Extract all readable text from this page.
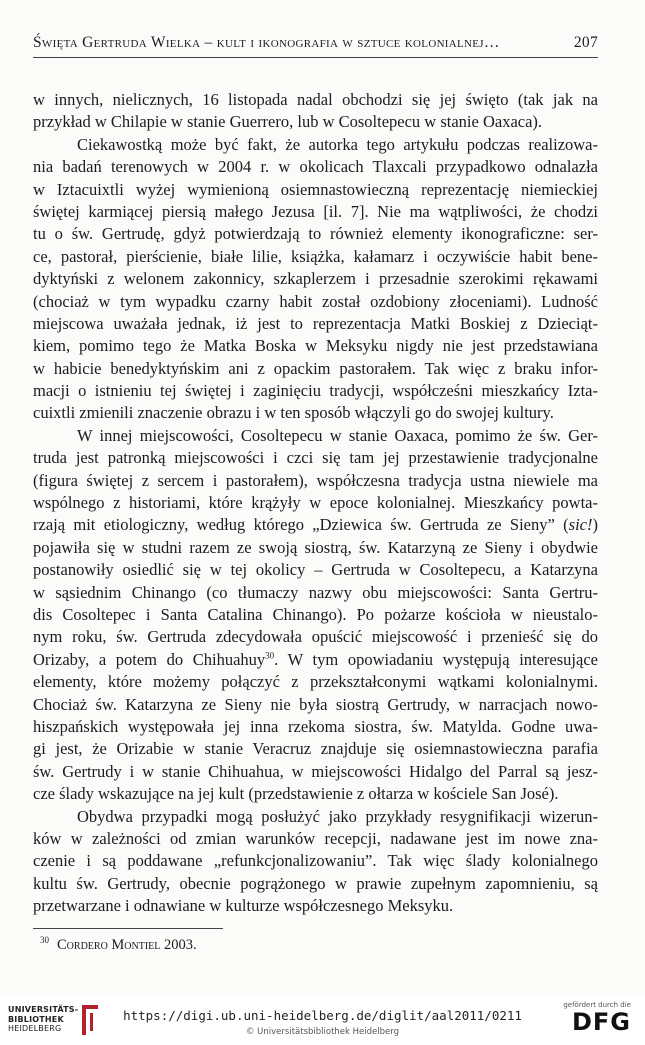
Święta Gertruda Wielka – kult i ikonografia w sztuce kolonialnej…	207
w innych, nielicznych, 16 listopada nadal obchodzi się jej święto (tak jak na
przykład w Chilapie w stanie Guerrero, lub w Cosoltepecu w stanie Oaxaca).
Ciekawostką może być fakt, że autorka tego artykułu podczas realizowa-
nia badań terenowych w 2004 r. w okolicach Tlaxcali przypadkowo odnalazła
w Iztacuixtli wyżej wymienioną osiemnastowieczną reprezentację niemieckiej
świętej karmiącej piersią małego Jezusa [il. 7]. Nie ma wątpliwości, że chodzi
tu o św. Gertrudę, gdyż potwierdzają to również elementy ikonograficzne: ser-
ce, pastorał, pierścienie, białe lilie, książka, kałamarz i oczywiście habit bene-
dyktyński z welonem zakonnicy, szkaplerzem i przesadnie szerokimi rękawami
(chociaż w tym wypadku czarny habit został ozdobiony złoceniami). Ludność
miejscowa uważała jednak, iż jest to reprezentacja Matki Boskiej z Dzieciąt-
kiem, pomimo tego że Matka Boska w Meksyku nigdy nie jest przedstawiana
w habicie benedyktyńskim ani z opackim pastorałem. Tak więc z braku infor-
macji o istnieniu tej świętej i zaginięciu tradycji, współcześni mieszkańcy Izta-
cuixtli zmienili znaczenie obrazu i w ten sposób włączyli go do swojej kultury.
W innej miejscowości, Cosoltepecu w stanie Oaxaca, pomimo że św. Ger-
truda jest patronką miejscowości i czci się tam jej przestawienie tradycjonalne
(figura świętej z sercem i pastorałem), współczesna tradycja ustna niewiele ma
wspólnego z historiami, które krążyły w epoce kolonialnej. Mieszkańcy powta-
rzają mit etiologiczny, według którego „Dziewica św. Gertruda ze Sieny” (sic!)
pojawiła się w studni razem ze swoją siostrą, św. Katarzyną ze Sieny i obydwie
postanowiły osiedlić się w tej okolicy – Gertruda w Cosoltepecu, a Katarzyna
w sąsiednim Chinango (co tłumaczy nazwy obu miejscowości: Santa Gertru-
dis Cosoltepec i Santa Catalina Chinango). Po pożarze kościoła w nieustalo-
nym roku, św. Gertruda zdecydowała opuścić miejscowość i przenieść się do
Orizaby, a potem do Chihuahuy$^{30}$. W tym opowiadaniu występują interesujące
elementy, które możemy połączyć z przekształconymi wątkami kolonialnymi.
Chociaż św. Katarzyna ze Sieny nie była siostrą Gertrudy, w narracjach nowo-
hiszpańskich występowała jej inna rzekoma siostra, św. Matylda. Godne uwa-
gi jest, że Orizabie w stanie Veracruz znajduje się osiemnastowieczna parafia
św. Gertrudy i w stanie Chihuahua, w miejscowości Hidalgo del Parral są jesz-
cze ślady wskazujące na jej kult (przedstawienie z ołtarza w kościele San José).
Obydwa przypadki mogą posłużyć jako przykłady resygnifikacji wizerun-
ków w zależności od zmian warunków recepcji, nadawane jest im nowe zna-
czenie i są poddawane „refunkcjonalizowaniu”. Tak więc ślady kolonialnego
kultu św. Gertrudy, obecnie pogrążonego w prawie zupełnym zapomnieniu, są
przetwarzane i odnawiane w kulturze współczesnego Meksyku.
$^{30}$ Cordero Montiel 2003.
UNIVERSITÄTS-
BIBLIOTHEK
HEIDELBERG
https://digi.ub.uni-heidelberg.de/diglit/aal2011/0211
© Universitätsbibliothek Heidelberg
gefördert durch die
DFG
